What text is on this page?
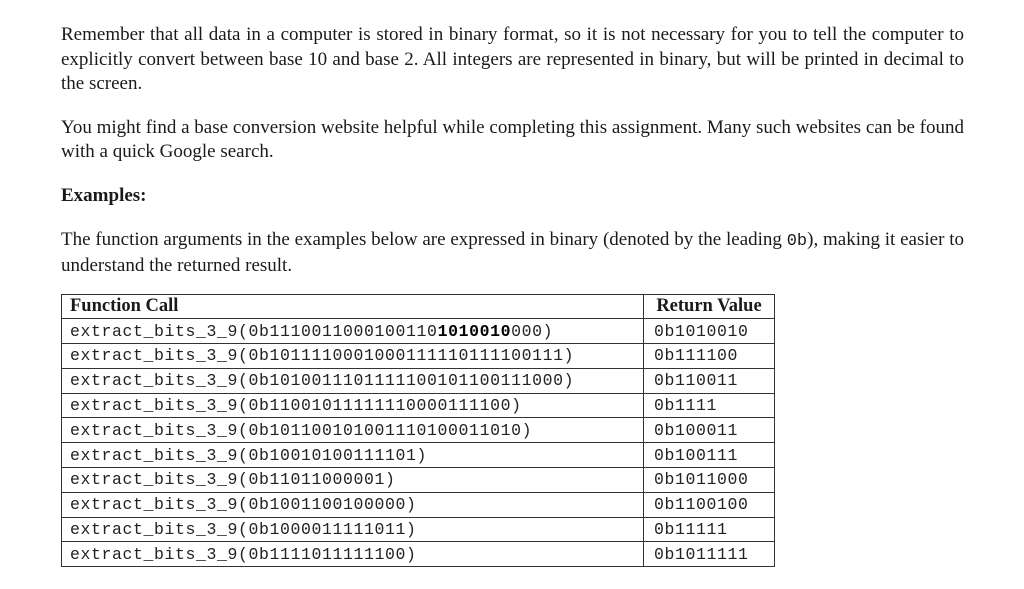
Remember that all data in a computer is stored in binary format, so it is not necessary for you to tell the computer to explicitly convert between base 10 and base 2. All integers are represented in binary, but will be printed in decimal to the screen.

You might find a base conversion website helpful while completing this assignment. Many such websites can be found with a quick Google search.

Examples:

The function arguments in the examples below are expressed in binary (denoted by the leading 0b), making it easier to understand the returned result.

Function Call	Return Value
extract_bits_3_9(0b11100110001001101010010000)	0b1010010
extract_bits_3_9(0b1011110001000111110111100111)	0b111100
extract_bits_3_9(0b1010011101111100101100111000)	0b110011
extract_bits_3_9(0b11001011111110000111100)	0b1111
extract_bits_3_9(0b10110010100111010001101​0)	0b100011
extract_bits_3_9(0b10010100111101)	0b100111
extract_bits_3_9(0b11011000001)	0b1011000
extract_bits_3_9(0b1001100100000)	0b1100100
extract_bits_3_9(0b1000011111011)	0b11111
extract_bits_3_9(0b1111011111100)	0b1011111
